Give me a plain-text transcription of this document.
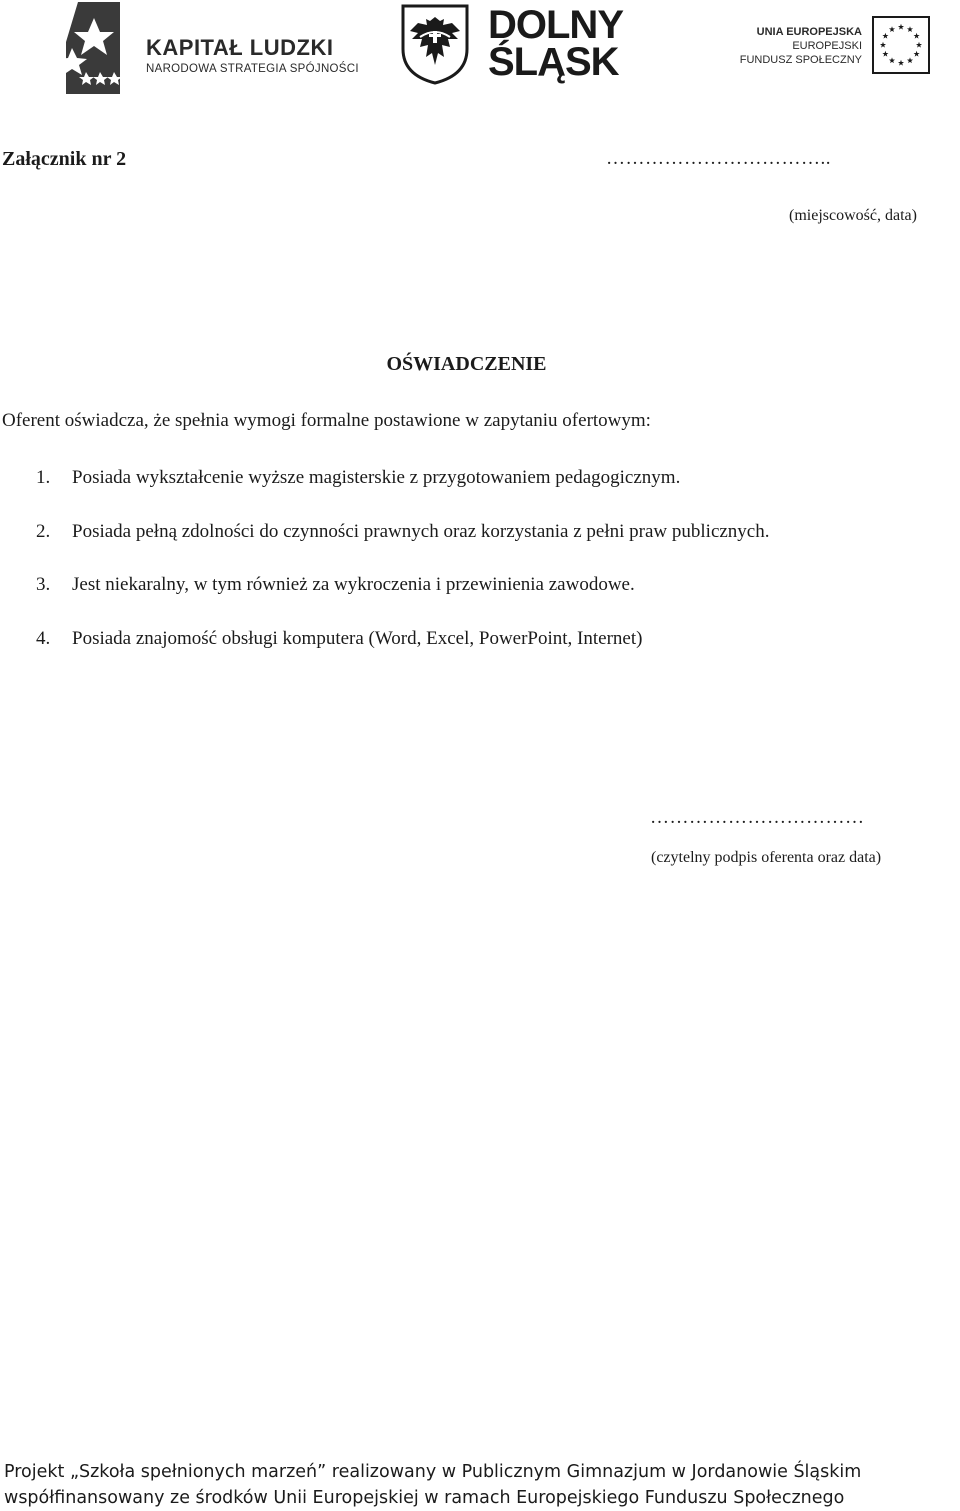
KAPITAŁ LUDZKI
NARODOWA STRATEGIA SPÓJNOŚCI
DOLNY
ŚLĄSK
UNIA EUROPEJSKA
EUROPEJSKI
FUNDUSZ SPOŁECZNY
Załącznik nr 2	……………………………..
(miejscowość, data)
OŚWIADCZENIE
Oferent oświadcza, że spełnia wymogi formalne postawione w zapytaniu ofertowym:
1. Posiada wykształcenie wyższe magisterskie z przygotowaniem pedagogicznym.
2. Posiada pełną zdolności do czynności prawnych oraz korzystania z pełni praw publicznych.
3. Jest niekaralny, w tym również za wykroczenia i przewinienia zawodowe.
4. Posiada znajomość obsługi komputera (Word, Excel, PowerPoint, Internet)
……………………………
(czytelny podpis oferenta oraz data)
Projekt „Szkoła spełnionych marzeń” realizowany w Publicznym Gimnazjum w Jordanowie Śląskim
współfinansowany ze środków Unii Europejskiej w ramach Europejskiego Funduszu Społecznego
